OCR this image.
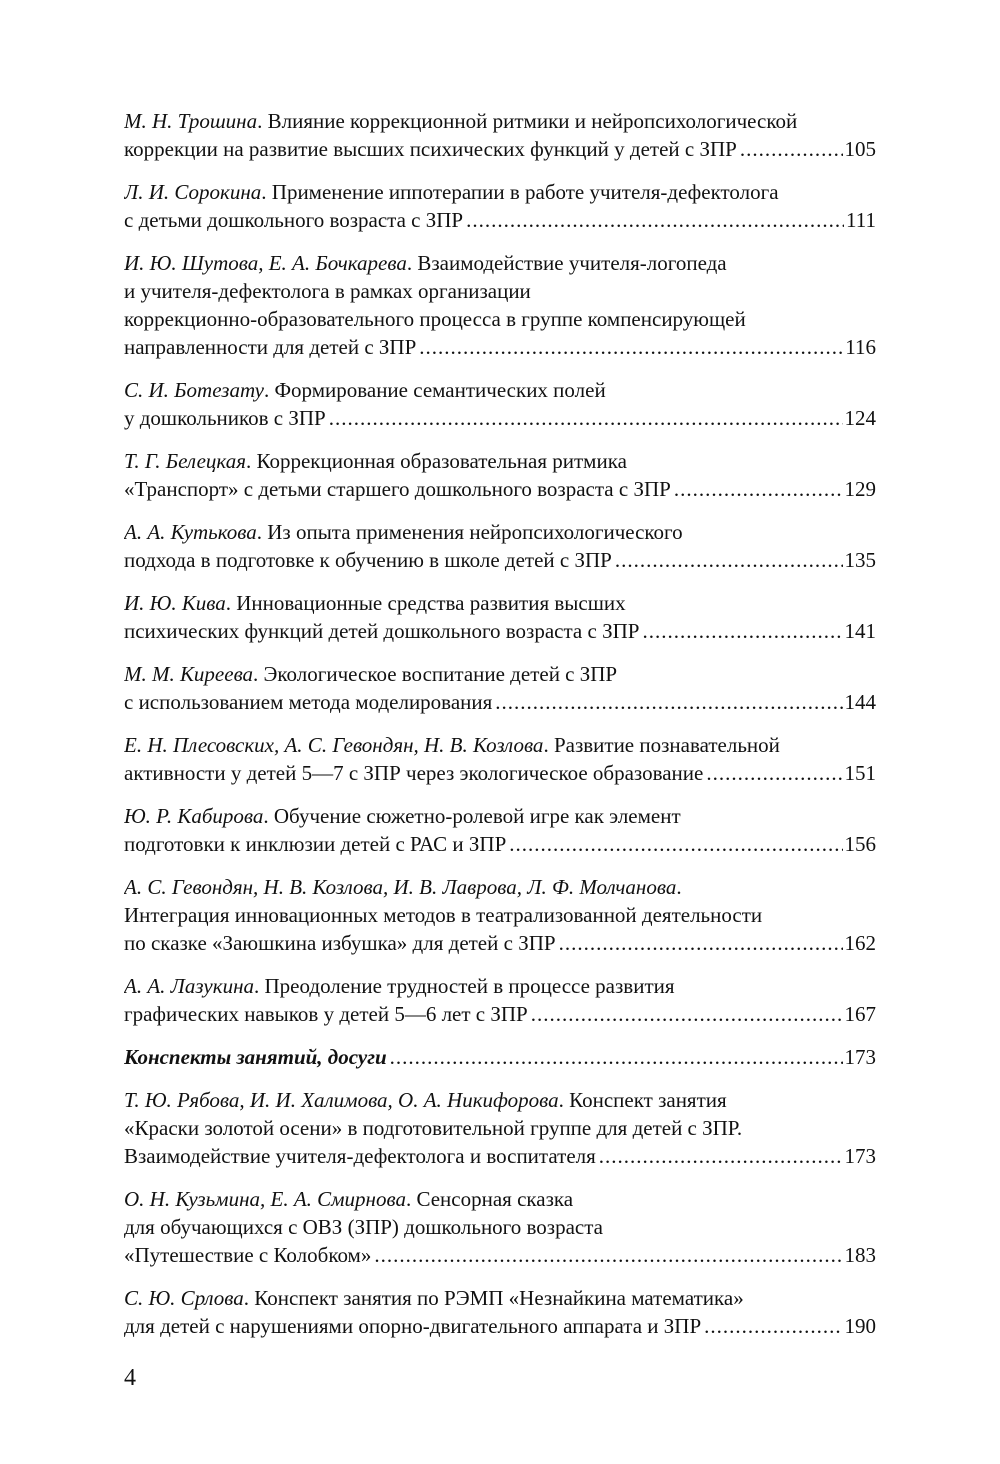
М. Н. Трошина. Влияние коррекционной ритмики и нейропсихологической
коррекции на развитие высших психических функций у детей с ЗПР .....	105
Л. И. Сорокина. Применение иппотерапии в работе учителя-дефектолога
с детьми дошкольного возраста с ЗПР .....	111
И. Ю. Шутова, Е. А. Бочкарева. Взаимодействие учителя-логопеда
и учителя-дефектолога в рамках организации
коррекционно-образовательного процесса в группе компенсирующей
направленности для детей с ЗПР .....	116
С. И. Ботезату. Формирование семантических полей
у дошкольников с ЗПР .....	124
Т. Г. Белецкая. Коррекционная образовательная ритмика
«Транспорт» с детьми старшего дошкольного возраста с ЗПР .....	129
А. А. Кутькова. Из опыта применения нейропсихологического
подхода в подготовке к обучению в школе детей с ЗПР .....	135
И. Ю. Кива. Инновационные средства развития высших
психических функций детей дошкольного возраста с ЗПР .....	141
М. М. Киреева. Экологическое воспитание детей с ЗПР
с использованием метода моделирования .....	144
Е. Н. Плесовских, А. С. Гевондян, Н. В. Козлова. Развитие познавательной
активности у детей 5—7 с ЗПР через экологическое образование .....	151
Ю. Р. Кабирова. Обучение сюжетно-ролевой игре как элемент
подготовки к инклюзии детей с РАС и ЗПР .....	156
А. С. Гевондян, Н. В. Козлова, И. В. Лаврова, Л. Ф. Молчанова.
Интеграция инновационных методов в театрализованной деятельности
по сказке «Заюшкина избушка» для детей с ЗПР .....	162
А. А. Лазукина. Преодоление трудностей в процессе развития
графических навыков у детей 5—6 лет с ЗПР .....	167
Конспекты занятий, досуги .....	173
Т. Ю. Рябова, И. И. Халимова, О. А. Никифорова. Конспект занятия
«Краски золотой осени» в подготовительной группе для детей с ЗПР.
Взаимодействие учителя-дефектолога и воспитателя .....	173
О. Н. Кузьмина, Е. А. Смирнова. Сенсорная сказка
для обучающихся с ОВЗ (ЗПР) дошкольного возраста
«Путешествие с Колобком» .....	183
С. Ю. Срлова. Конспект занятия по РЭМП «Незнайкина математика»
для детей с нарушениями опорно-двигательного аппарата и ЗПР .....	190
4
